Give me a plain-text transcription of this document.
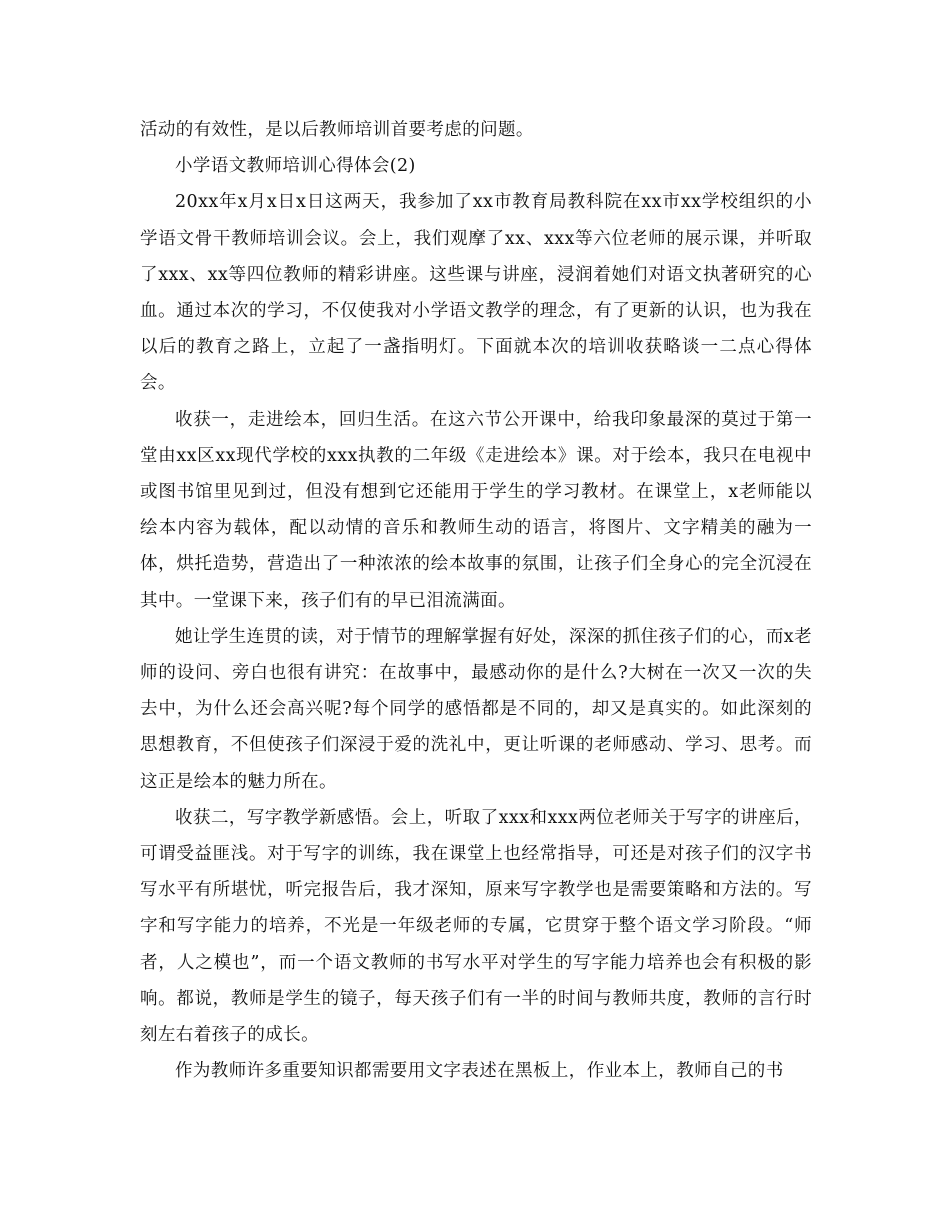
活动的有效性，是以后教师培训首要考虑的问题。

小学语文教师培训心得体会(2)

20xx年x月x日x日这两天，我参加了xx市教育局教科院在xx市xx学校组织的小学语文骨干教师培训会议。会上，我们观摩了xx、xxx等六位老师的展示课，并听取了xxx、xx等四位教师的精彩讲座。这些课与讲座，浸润着她们对语文执著研究的心血。通过本次的学习，不仅使我对小学语文教学的理念，有了更新的认识，也为我在以后的教育之路上，立起了一盏指明灯。下面就本次的培训收获略谈一二点心得体会。

收获一，走进绘本，回归生活。在这六节公开课中，给我印象最深的莫过于第一堂由xx区xx现代学校的xxx执教的二年级《走进绘本》课。对于绘本，我只在电视中或图书馆里见到过，但没有想到它还能用于学生的学习教材。在课堂上，x老师能以绘本内容为载体，配以动情的音乐和教师生动的语言，将图片、文字精美的融为一体，烘托造势，营造出了一种浓浓的绘本故事的氛围，让孩子们全身心的完全沉浸在其中。一堂课下来，孩子们有的早已泪流满面。

她让学生连贯的读，对于情节的理解掌握有好处，深深的抓住孩子们的心，而x老师的设问、旁白也很有讲究：在故事中，最感动你的是什么?大树在一次又一次的失去中，为什么还会高兴呢?每个同学的感悟都是不同的，却又是真实的。如此深刻的思想教育，不但使孩子们深浸于爱的洗礼中，更让听课的老师感动、学习、思考。而这正是绘本的魅力所在。

收获二，写字教学新感悟。会上，听取了xxx和xxx两位老师关于写字的讲座后，可谓受益匪浅。对于写字的训练，我在课堂上也经常指导，可还是对孩子们的汉字书写水平有所堪忧，听完报告后，我才深知，原来写字教学也是需要策略和方法的。写字和写字能力的培养，不光是一年级老师的专属，它贯穿于整个语文学习阶段。“师者，人之模也”，而一个语文教师的书写水平对学生的写字能力培养也会有积极的影响。都说，教师是学生的镜子，每天孩子们有一半的时间与教师共度，教师的言行时刻左右着孩子的成长。

作为教师许多重要知识都需要用文字表述在黑板上，作业本上，教师自己的书
